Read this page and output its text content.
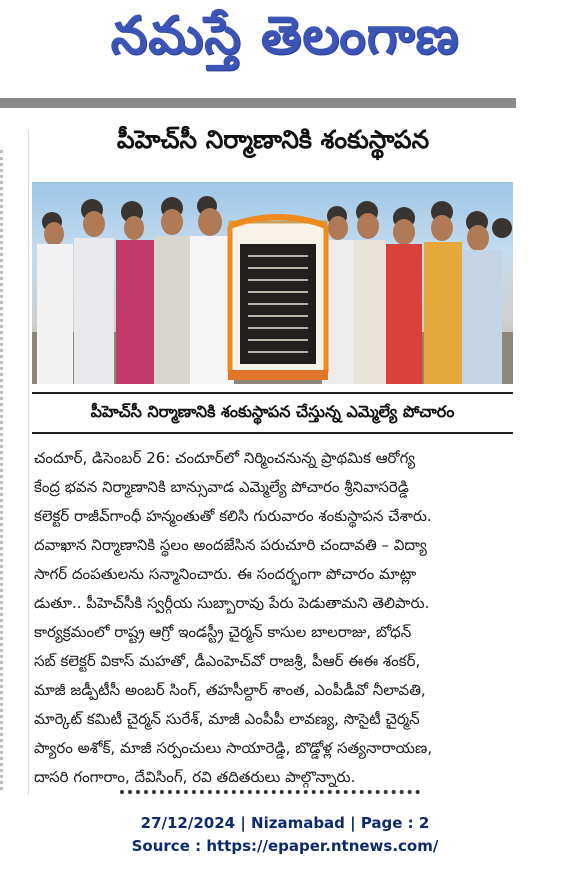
నమస్తే తెలంగాణ
పీహెచ్‌సీ నిర్మాణానికి శంకుస్థాపన
పీహెచ్‌సీ నిర్మాణానికి శంకుస్థాపన చేస్తున్న ఎమ్మెల్యే పోచారం
చందూర్, డిసెంబర్ 26: చందూర్‌లో నిర్మించనున్న ప్రాథమిక ఆరోగ్య
కేంద్ర భవన నిర్మాణానికి బాన్సువాడ ఎమ్మెల్యే పోచారం శ్రీనివాసరెడ్డి
కలెక్టర్ రాజీవ్‌గాంధీ హన్మంతుతో కలిసి గురువారం శంకుస్థాపన చేశారు.
దవాఖాన నిర్మాణానికి స్థలం అందజేసిన పరుచూరి చందావతి – విద్యా
సాగర్ దంపతులను సన్మానించారు. ఈ సందర్భంగా పోచారం మాట్లా
డుతూ.. పీహెచ్‌సీకి స్వర్గీయ సుబ్బారావు పేరు పెడుతామని తెలిపారు.
కార్యక్రమంలో రాష్ట్ర ఆగ్రో ఇండస్ట్రీ చైర్మన్ కాసుల బాలరాజు, బోధన్
సబ్ కలెక్టర్ వికాస్ మహతో, డీఎంహెచ్‌వో రాజశ్రీ, పీఆర్ ఈఈ శంకర్,
మాజీ జడ్పీటీసీ అంబర్ సింగ్, తహసీల్దార్ శాంత, ఎంపీడీవో నీలావతి,
మార్కెట్ కమిటీ చైర్మన్ సురేశ్, మాజీ ఎంపీపీ లావణ్య, సొసైటీ చైర్మన్
ప్యారం అశోక్, మాజీ సర్పంచులు సాయారెడ్డి, బొడ్డోళ్ల సత్యనారాయణ,
దాసరి గంగారాం, దేవిసింగ్, రవి తదితరులు పాల్గొన్నారు.
27/12/2024 | Nizamabad | Page : 2
Source : https://epaper.ntnews.com/
